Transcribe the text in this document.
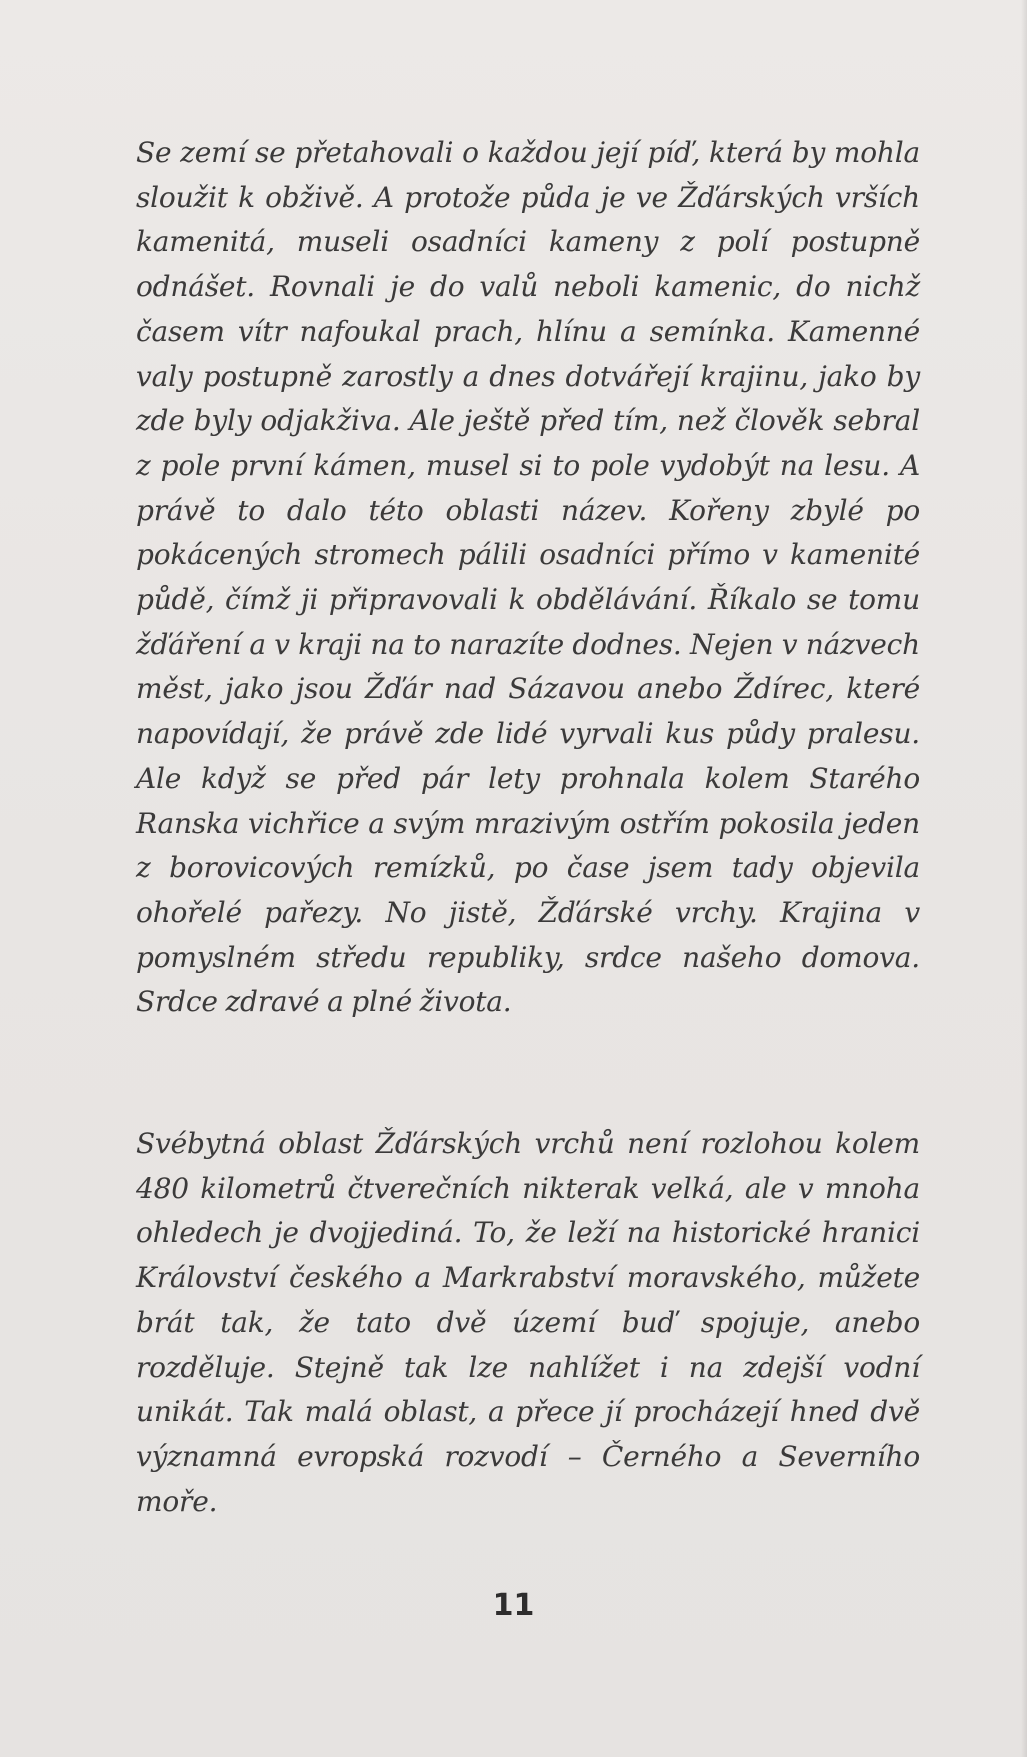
Se zemí se přetahovali o každou její píď, která by mohla sloužit k obživě. A protože půda je ve Žďárských vrších kamenitá, museli osadníci kameny z polí postupně odnášet. Rovnali je do valů neboli kamenic, do nichž časem vítr nafoukal prach, hlínu a semínka. Kamenné valy postupně zarostly a dnes dotvářejí krajinu, jako by zde byly odjakživa. Ale ještě před tím, než člověk sebral z pole první kámen, musel si to pole vydobýt na lesu. A právě to dalo této oblasti název. Kořeny zbylé po pokácených stromech pálili osadníci přímo v kamenité půdě, čímž ji připravovali k obdělávání. Říkalo se tomu žďáření a v kraji na to narazíte dodnes. Nejen v názvech měst, jako jsou Žďár nad Sázavou anebo Ždírec, které napovídají, že právě zde lidé vyrvali kus půdy pralesu. Ale když se před pár lety prohnala kolem Starého Ranska vichřice a svým mrazivým ostřím pokosila jeden z borovicových remízků, po čase jsem tady objevila ohořelé pařezy. No jistě, Žďárské vrchy. Krajina v pomyslném středu republiky, srdce našeho domova. Srdce zdravé a plné života.

Svébytná oblast Žďárských vrchů není rozlohou kolem 480 kilometrů čtverečních nikterak velká, ale v mnoha ohledech je dvojjediná. To, že leží na historické hranici Království českého a Markrabství moravského, můžete brát tak, že tato dvě území buď spojuje, anebo rozděluje. Stejně tak lze nahlížet i na zdejší vodní unikát. Tak malá oblast, a přece jí procházejí hned dvě významná evropská rozvodí – Černého a Severního moře.

11
